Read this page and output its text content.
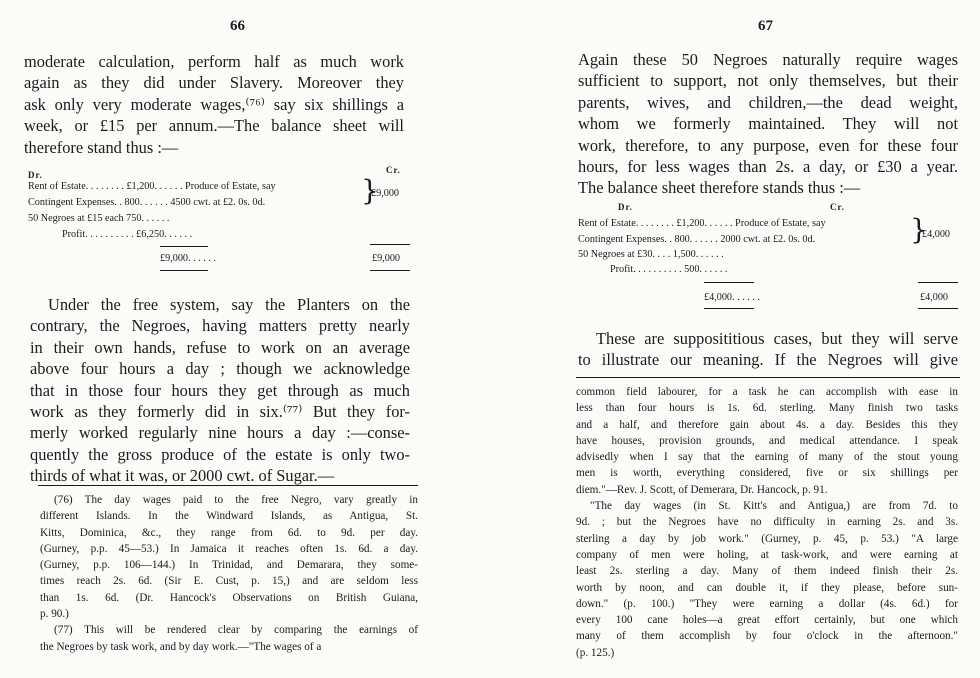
66
moderate calculation, perform half as much work
again as they did under Slavery. Moreover they
ask only very moderate wages,⁽⁷⁶⁾ say six shillings a
week, or £15 per annum.—The balance sheet will
therefore stand thus :—
Dr.	Cr.
Rent of Estate. . . . . . . . £1,200. . . . . . Produce of Estate, say
Contingent Expenses. . 800. . . . . . 4500 cwt. at £2. 0s. 0d.
50 Negroes at £15 each 750. . . . . .
Profit. . . . . . . . . . £6,250. . . . . .
}
£9,000
£9,000. . . . . .	£9,000
Under the free system, say the Planters on the
contrary, the Negroes, having matters pretty nearly
in their own hands, refuse to work on an average
above four hours a day ; though we acknowledge
that in those four hours they get through as much
work as they formerly did in six.⁽⁷⁷⁾ But they for-
merly worked regularly nine hours a day :—conse-
quently the gross produce of the estate is only two-
thirds of what it was, or 2000 cwt. of Sugar.—
(76) The day wages paid to the free Negro, vary greatly in
different Islands. In the Windward Islands, as Antigua, St.
Kitts, Dominica, &c., they range from 6d. to 9d. per day.
(Gurney, p.p. 45—53.) In Jamaica it reaches often 1s. 6d. a day.
(Gurney, p.p. 106—144.) In Trinidad, and Demarara, they some-
times reach 2s. 6d. (Sir E. Cust, p. 15,) and are seldom less
than 1s. 6d. (Dr. Hancock's Observations on British Guiana,
p. 90.)
(77) This will be rendered clear by comparing the earnings of
the Negroes by task work, and by day work.—"The wages of a
67
Again these 50 Negroes naturally require wages
sufficient to support, not only themselves, but their
parents, wives, and children,—the dead weight,
whom we formerly maintained. They will not
work, therefore, to any purpose, even for these four
hours, for less wages than 2s. a day, or £30 a year.
The balance sheet therefore stands thus :—
Dr.	Cr.
Rent of Estate. . . . . . . . £1,200. . . . . . Produce of Estate, say
Contingent Expenses. . 800. . . . . . 2000 cwt. at £2. 0s. 0d.
50 Negroes at £30. . . . 1,500. . . . . .
Profit. . . . . . . . . . 500. . . . . .
}
£4,000
£4,000. . . . . .	£4,000
These are supposititious cases, but they will serve
to illustrate our meaning. If the Negroes will give
common field labourer, for a task he can accomplish with ease in
less than four hours is 1s. 6d. sterling. Many finish two tasks
and a half, and therefore gain about 4s. a day. Besides this they
have houses, provision grounds, and medical attendance. I speak
advisedly when I say that the earning of many of the stout young
men is worth, everything considered, five or six shillings per
diem."—Rev. J. Scott, of Demerara, Dr. Hancock, p. 91.
"The day wages (in St. Kitt's and Antigua,) are from 7d. to
9d. ; but the Negroes have no difficulty in earning 2s. and 3s.
sterling a day by job work." (Gurney, p. 45, p. 53.) "A large
company of men were holing, at task-work, and were earning at
least 2s. sterling a day. Many of them indeed finish their 2s.
worth by noon, and can double it, if they please, before sun-
down." (p. 100.) "They were earning a dollar (4s. 6d.) for
every 100 cane holes—a great effort certainly, but one which
many of them accomplish by four o'clock in the afternoon."
(p. 125.)
